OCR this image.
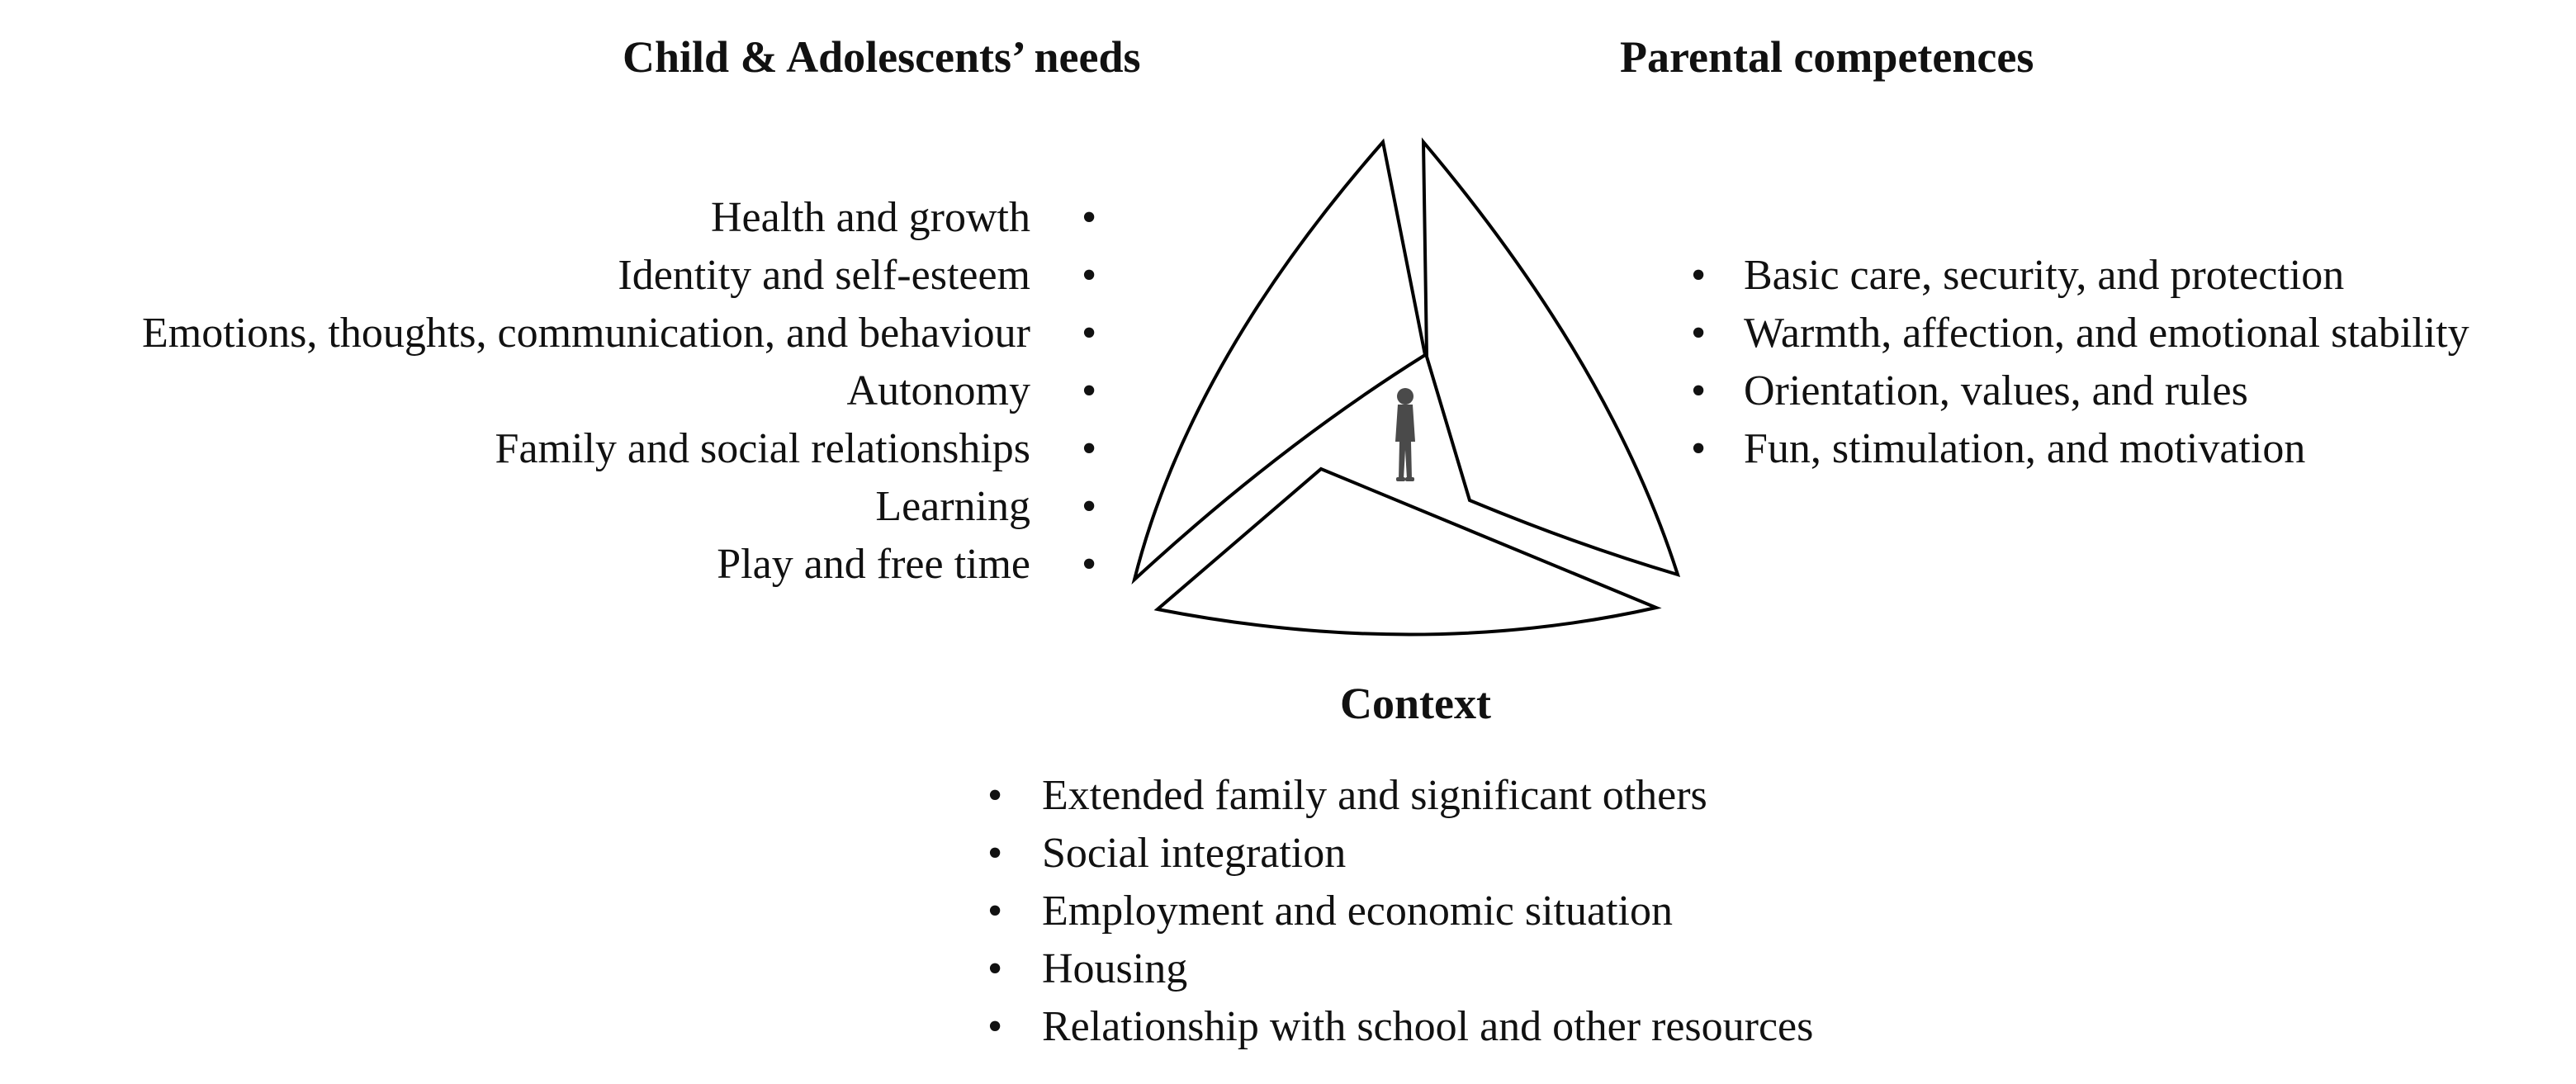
Child & Adolescents’ needs	Parental competences
Context
Health and growth
Identity and self-esteem
Emotions, thoughts, communication, and behaviour
Autonomy
Family and social relationships
Learning
Play and free time
•
•
•
•
•
•
•
•
•
•
•
Basic care, security, and protection
Warmth, affection, and emotional stability
Orientation, values, and rules
Fun, stimulation, and motivation
•
•
•
•
•
Extended family and significant others
Social integration
Employment and economic situation
Housing
Relationship with school and other resources
